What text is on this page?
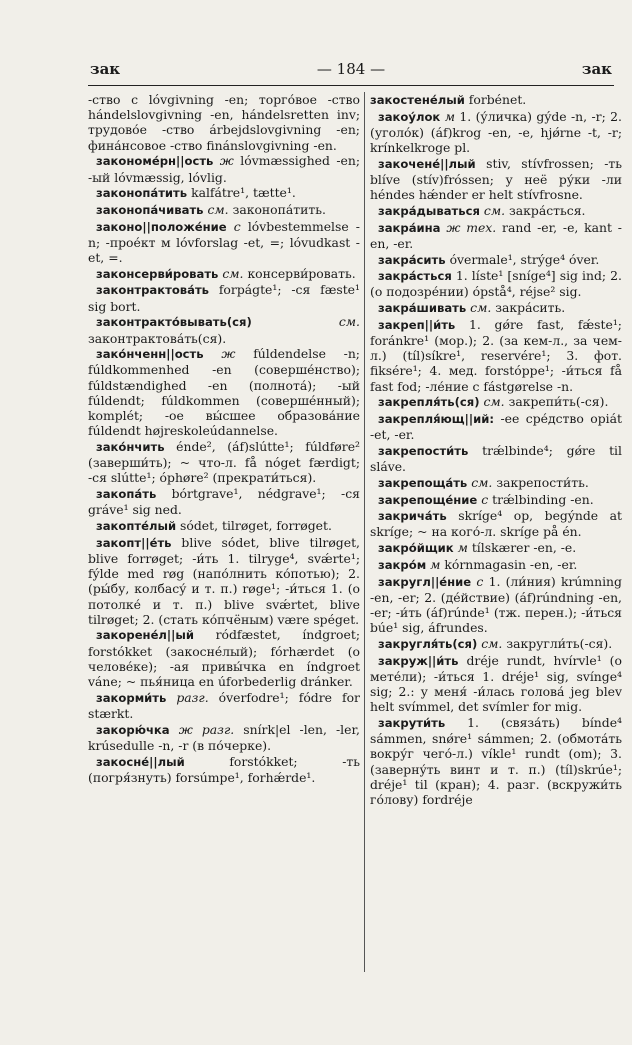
зак	— 184 —	зак

-ство c lóvgivning -en; торго́вое -ство hándelslovgivning -en, hándelsretten inv; трудово́е -ство árbejdslovgivning -en; фина́нсовое -ство finánslovgivning -en.

закономе́рн||ость ж lóvmæssighed -en; -ый lóvmæssig, lóvlig.

законопа́тить kalfátre¹, tætte¹.

законопа́чивать см. законопа́тить.

законо||положе́ние c lóvbestemmelse -n; -прое́кт м lóvforslag -et, =; lóvudkast -et, =.

законсерви́ровать см. консерви́ровать.

законтрактова́ть forpágte¹; -ся fæste¹ sig bort.

законтракто́вывать(ся)	см. законтрактова́ть(ся).

зако́нченн||ость ж fúldendelse -n; fúldkommenhed -en (соверше́нство); fúldstændighed -en (полнота́); -ый fúldendt; fúldkommen (соверше́нный); komplét; -ое вы́сшее образова́ние fúldendt højreskoleúdannelse.

зако́нчить énde², (áf)slútte¹; fúldføre² (заверши́ть); ~ что-л. få nóget færdigt; -ся slútte¹; óphøre² (прекрати́ться).

закопа́ть bórtgrave¹, nédgrave¹; -ся gráve¹ sig ned.

закопте́лый sódet, tilrøget, forrøget.

закопт||е́ть blive sódet, blive tilrøget, blive forrøget; -и́ть 1. tilryge⁴, svǽrte¹; fýlde med røg (напо́лнить ко́потью); 2. (ры́бу, колбасу́ и т. п.) røge¹; -и́ться 1. (о потолке́ и т. п.) blive svǽrtet, blive tilrøget; 2. (стать ко́пчёным) være spéget.

закорене́л||ый ródfæstet, índgroet; forstókket (закосне́лый); fórhærdet (о челове́ке); -ая привы́чка en índgroet váne; ~ пья́ница en úforbederlig dránker.

закорми́ть разг. óverfodre¹; fódre for stærkt.

закорю́чка ж разг. snírk|el -len, -ler, krúsedulle -n, -r (в по́черке).

закосне́||лый	forstókket; -ть (погря́знуть) forsúmpe¹, forhǽrde¹.

закостене́лый forbénet.

закоу́лок м 1. (у́личка) gýde -n, -r; 2. (уголо́к) (áf)krog -en, -e, hjǿrne -t, -r; krínkelkroge pl.

закочене́||лый stiv, stívfrossen; -ть blíve (stív)fróssen; у неё ру́ки -ли héndes hǽnder er helt stívfrosne.

закра́дываться см. закра́сться.

закра́ина ж тех. rand -er, -e, kant -en, -er.

закра́сить óvermale¹, strýge⁴ óver.

закра́сться 1. líste¹ [sníge⁴] sig ind; 2. (о подозре́нии) ópstå⁴, réjse² sig.

закра́шивать см. закра́сить.

закреп||и́ть 1. gǿre fast, fǽste¹; foránkre¹ (мор.); 2. (за кем-л., за чем-л.) (tíl)síkre¹, reservére¹; 3. фот. fiksére¹; 4. мед. forstóppe¹; -и́ться få fast fod; -ле́ние c fástgørelse -n.

закрепля́ть(ся) см. закрепи́ть(-ся).

закрепля́ющ||ий: -ее сре́дство opiát -et, -er.

закрепости́ть trǽlbinde⁴; gǿre til sláve.

закрепоща́ть см. закрепости́ть.

закрепоще́ние c trǽlbinding -en.

закрича́ть skríge⁴ op, begýnde at skríge; ~ на кого́-л. skríge på én.

закро́йщик м tílskærer -en, -e.

закро́м м kórnmagasin -en, -er.

закругл||е́ние c 1. (ли́ния) krúmning -en, -er; 2. (де́йствие) (áf)rúndning -en, -er; -и́ть (áf)rúnde¹ (тж. перен.); -и́ться búe¹ sig, áfrundes.

закругля́ть(ся) см. закругли́ть(-ся).

закруж||и́ть dréje rundt, hvírvle¹ (о мете́ли); -и́ться 1. dréje¹ sig, svínge⁴ sig; 2.: у меня́ -и́лась голова́ jeg blev helt svímmel, det svímler for mig.

закрути́ть 1. (связа́ть) bínde⁴ sámmen, snǿre¹ sámmen; 2. (обмота́ть вокру́г чего́-л.) víkle¹ rundt (om); 3. (заверну́ть винт и т. п.) (tíl)skrúe¹; dréje¹ til (кран); 4. разг. (вскружи́ть го́лову) fordréje
